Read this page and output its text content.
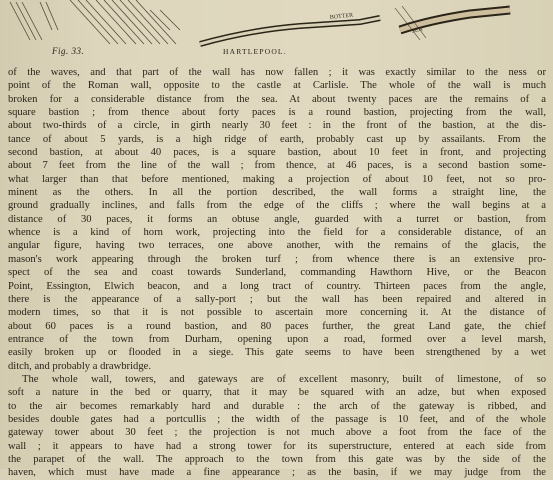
BOTTER
SEA
Fig. 33.	HARTLEPOOL.
of the waves, and that part of the wall has now fallen ; it was exactly similar to the ness or
point of the Roman wall, opposite to the castle at Carlisle. The whole of the wall is much
broken for a considerable distance from the sea. At about twenty paces are the remains of a
square bastion ; from thence about forty paces is a round bastion, projecting from the wall,
about two-thirds of a circle, in girth nearly 30 feet : in the front of the bastion, at the dis-
tance of about 5 yards, is a high ridge of earth, probably cast up by assailants. From the
second bastion, at about 40 paces, is a square bastion, about 10 feet in front, and projecting
about 7 feet from the line of the wall ; from thence, at 46 paces, is a second bastion some-
what larger than that before mentioned, making a projection of about 10 feet, not so pro-
minent as the others. In all the portion described, the wall forms a straight line, the
ground gradually inclines, and falls from the edge of the cliffs ; where the wall begins at a
distance of 30 paces, it forms an obtuse angle, guarded with a turret or bastion, from
whence is a kind of horn work, projecting into the field for a considerable distance, of an
angular figure, having two terraces, one above another, with the remains of the glacis, the
mason's work appearing through the broken turf ; from whence there is an extensive pro-
spect of the sea and coast towards Sunderland, commanding Hawthorn Hive, or the Beacon
Point, Essington, Elwich beacon, and a long tract of country. Thirteen paces from the angle,
there is the appearance of a sally-port ; but the wall has been repaired and altered in
modern times, so that it is not possible to ascertain more concerning it. At the distance of
about 60 paces is a round bastion, and 80 paces further, the great Land gate, the chief
entrance of the town from Durham, opening upon a road, formed over a level marsh,
easily broken up or flooded in a siege. This gate seems to have been strengthened by a wet
ditch, and probably a drawbridge.
The whole wall, towers, and gateways are of excellent masonry, built of limestone, of so
soft a nature in the bed or quarry, that it may be squared with an adze, but when exposed
to the air becomes remarkably hard and durable : the arch of the gateway is ribbed, and
besides double gates had a portcullis ; the width of the passage is 10 feet, and of the whole
gateway tower about 30 feet ; the projection is not much above a foot from the face of the
wall ; it appears to have had a strong tower for its superstructure, entered at each side from
the parapet of the wall. The approach to the town from this gate was by the side of the
haven, which must have made a fine appearance ; as the basin, if we may judge from the
